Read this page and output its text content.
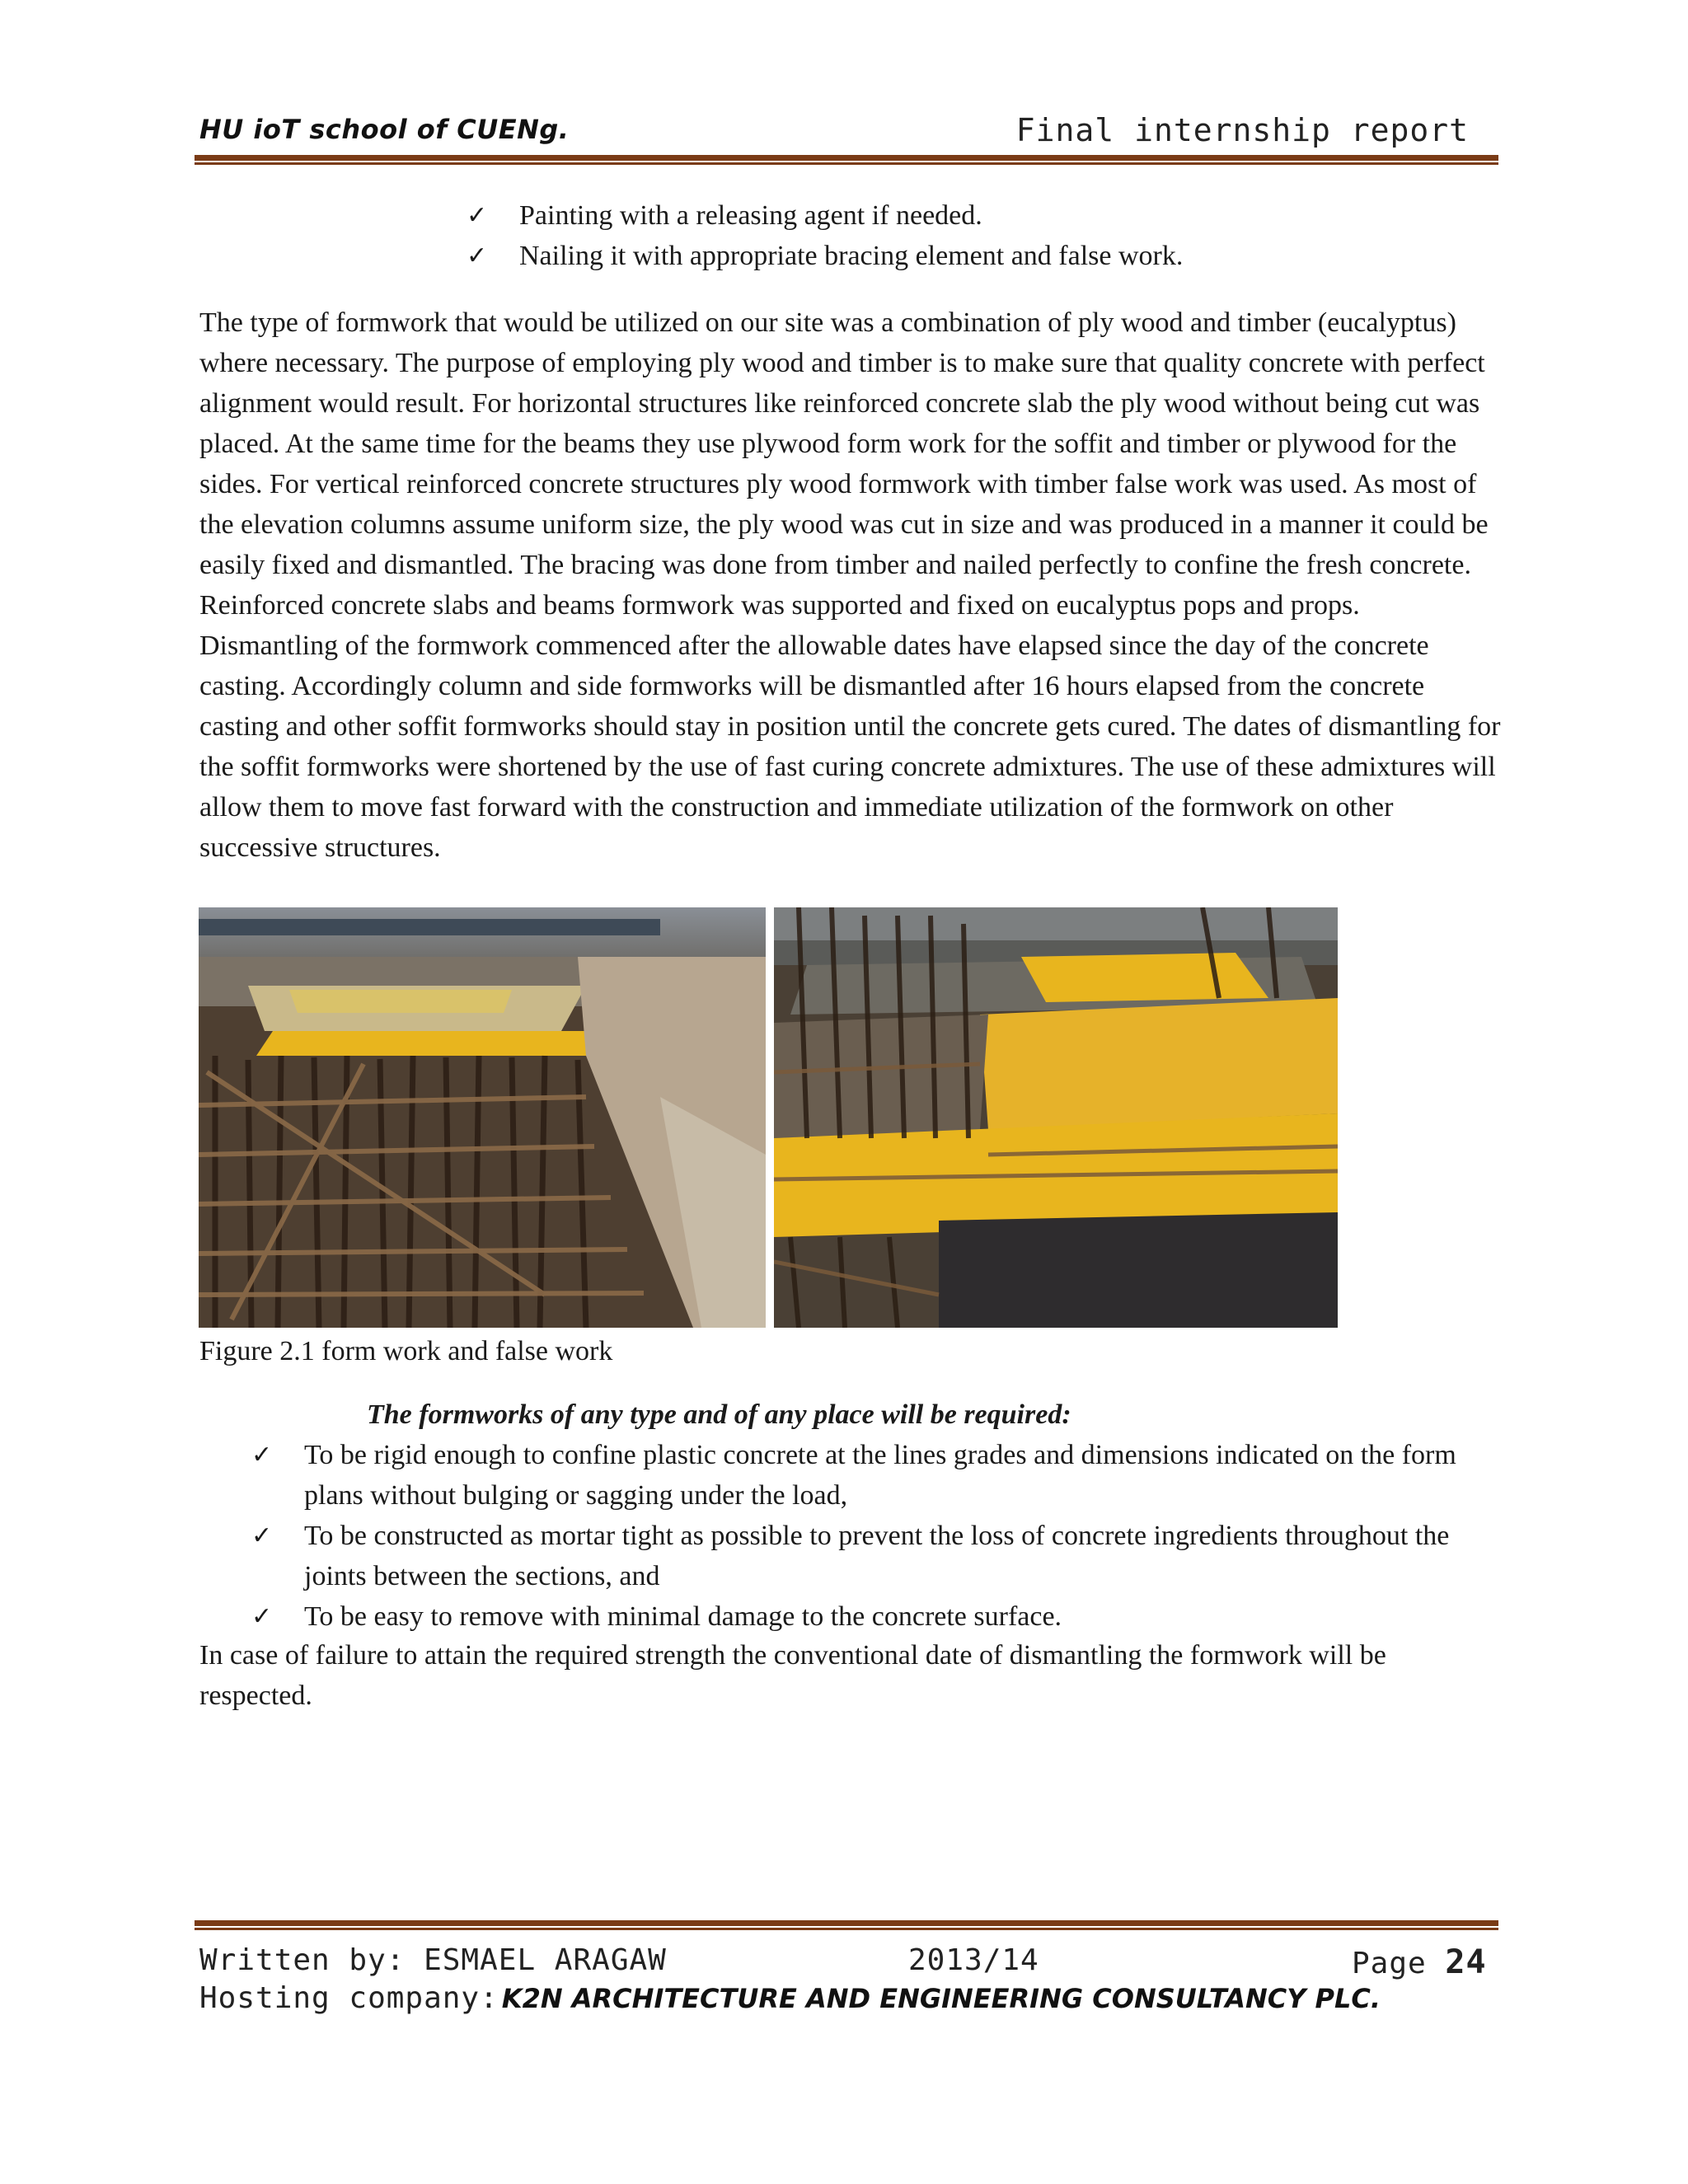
HU ioT school of CUENg.	Final internship report
✓ Painting with a releasing agent if needed.
✓ Nailing it with appropriate bracing element and false work.

The type of formwork that would be utilized on our site was a combination of ply wood and timber (eucalyptus) where necessary. The purpose of employing ply wood and timber is to make sure that quality concrete with perfect alignment would result. For horizontal structures like reinforced concrete slab the ply wood without being cut was placed. At the same time for the beams they use plywood form work for the soffit and timber or plywood for the sides. For vertical reinforced concrete structures ply wood formwork with timber false work was used. As most of the elevation columns assume uniform size, the ply wood was cut in size and was produced in a manner it could be easily fixed and dismantled. The bracing was done from timber and nailed perfectly to confine the fresh concrete. Reinforced concrete slabs and beams formwork was supported and fixed on eucalyptus pops and props. Dismantling of the formwork commenced after the allowable dates have elapsed since the day of the concrete casting. Accordingly column and side formworks will be dismantled after 16 hours elapsed from the concrete casting and other soffit formworks should stay in position until the concrete gets cured. The dates of dismantling for the soffit formworks were shortened by the use of fast curing concrete admixtures. The use of these admixtures will allow them to move fast forward with the construction and immediate utilization of the formwork on other successive structures.

Figure 2.1 form work and false work

The formworks of any type and of any place will be required:

✓ To be rigid enough to confine plastic concrete at the lines grades and dimensions indicated on the form plans without bulging or sagging under the load,
✓ To be constructed as mortar tight as possible to prevent the loss of concrete ingredients throughout the joints between the sections, and
✓ To be easy to remove with minimal damage to the concrete surface.

In case of failure to attain the required strength the conventional date of dismantling the formwork will be respected.

Written by: ESMAEL ARAGAW	2013/14	Page 24
Hosting company: K2N ARCHITECTURE AND ENGINEERING CONSULTANCY PLC.
